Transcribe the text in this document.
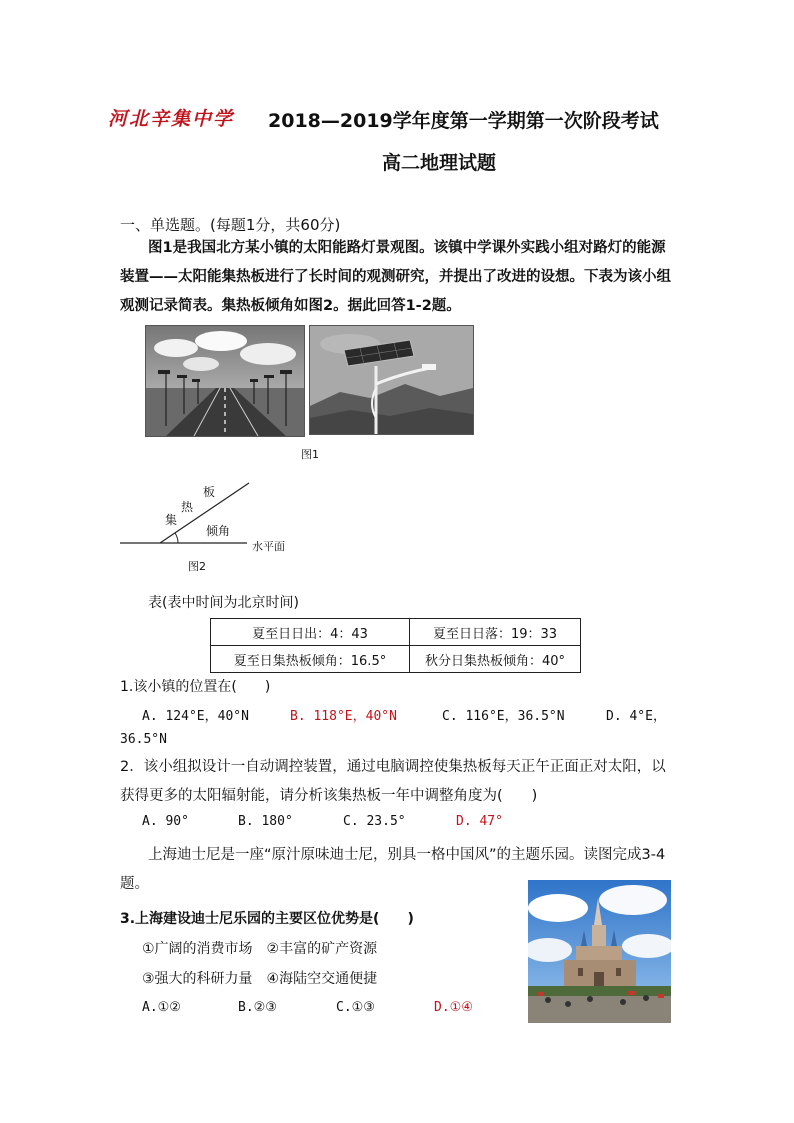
河北辛集中学 2018—2019学年度第一学期第一次阶段考试
高二地理试题
一、单选题。(每题1分，共60分)
图1是我国北方某小镇的太阳能路灯景观图。该镇中学课外实践小组对路灯的能源装置——太阳能集热板进行了长时间的观测研究，并提出了改进的设想。下表为该小组观测记录简表。集热板倾角如图2。据此回答1-2题。
图1
集
热
板
倾角
水平面
图2
表(表中时间为北京时间)
夏至日日出：4：43	夏至日日落：19：33
夏至日集热板倾角：16.5°	秋分日集热板倾角：40°
1.该小镇的位置在(　　)
A. 124°E，40°N	B. 118°E，40°N	C. 116°E，36.5°N	D. 4°E，
36.5°N
2．该小组拟设计一自动调控装置，通过电脑调控使集热板每天正午正面正对太阳，以获得更多的太阳辐射能，请分析该集热板一年中调整角度为(　　)
A. 90°	B. 180°	C. 23.5°	D. 47°
上海迪士尼是一座“原汁原味迪士尼，别具一格中国风”的主题乐园。读图完成3-4题。
3.上海建设迪士尼乐园的主要区位优势是(　　)
①广阔的消费市场　②丰富的矿产资源
③强大的科研力量　④海陆空交通便捷
A.①②	B.②③	C.①③	D.①④
